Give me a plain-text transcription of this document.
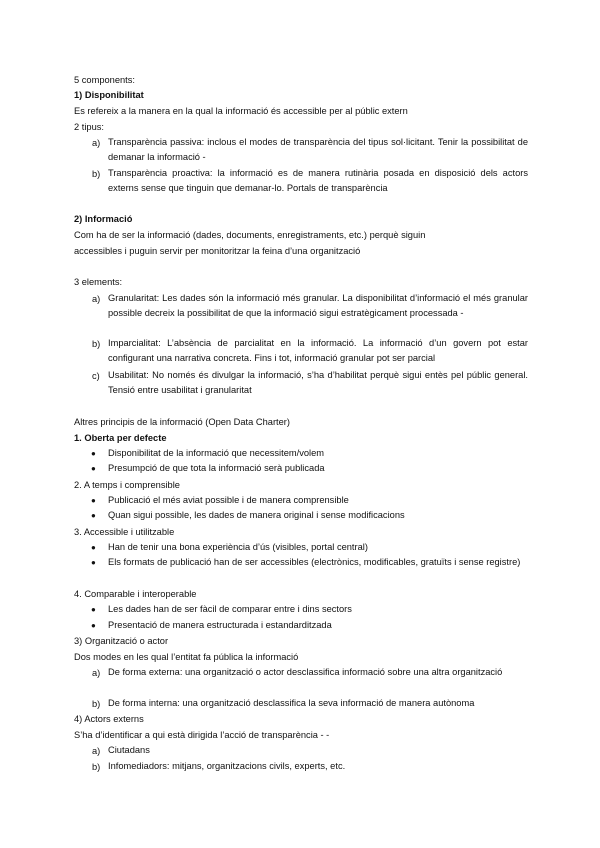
5 components:
1) Disponibilitat
Es refereix a la manera en la qual la informació és accessible per al públic extern
2 tipus:
a) Transparència passiva: inclous el modes de transparència del tipus sol·licitant. Tenir la possibilitat de demanar la informació -
b) Transparència proactiva: la informació es de manera rutinària posada en disposició dels actors externs sense que tinguin que demanar-lo. Portals de transparència
2) Informació
Com ha de ser la informació (dades, documents, enregistraments, etc.) perquè siguin
accessibles i puguin servir per monitoritzar la feina d’una organització
3 elements:
a) Granularitat: Les dades són la informació més granular. La disponibilitat d’informació el més granular possible decreix la possibilitat de que la informació sigui estratègicament processada -
b) Imparcialitat: L’absència de parcialitat en la informació. La informació d’un govern pot estar configurant una narrativa concreta. Fins i tot, informació granular pot ser parcial
c) Usabilitat: No només és divulgar la informació, s’ha d’habilitat perquè sigui entès pel públic general. Tensió entre usabilitat i granularitat
Altres principis de la informació (Open Data Charter)
1. Oberta per defecte
●	Disponibilitat de la informació que necessitem/volem
●	Presumpció de que tota la informació serà publicada
2. A temps i comprensible
●	Publicació el més aviat possible i de manera comprensible
●	Quan sigui possible, les dades de manera original i sense modificacions
3. Accessible i utilitzable
●	Han de tenir una bona experiència d’ús (visibles, portal central)
●	Els formats de publicació han de ser accessibles (electrònics, modificables, gratuïts i sense registre)
4. Comparable i interoperable
●	Les dades han de ser fàcil de comparar entre i dins sectors
●	Presentació de manera estructurada i estandarditzada
3) Organització o actor
Dos modes en les qual l’entitat fa pública la informació
a) De forma externa: una organització o actor desclassifica informació sobre una altra organització
b) De forma interna: una organització desclassifica la seva informació de manera autònoma
4) Actors externs
S’ha d’identificar a qui està dirigida l’acció de transparència - -
a) Ciutadans
b) Infomediadors: mitjans, organitzacions civils, experts, etc.
